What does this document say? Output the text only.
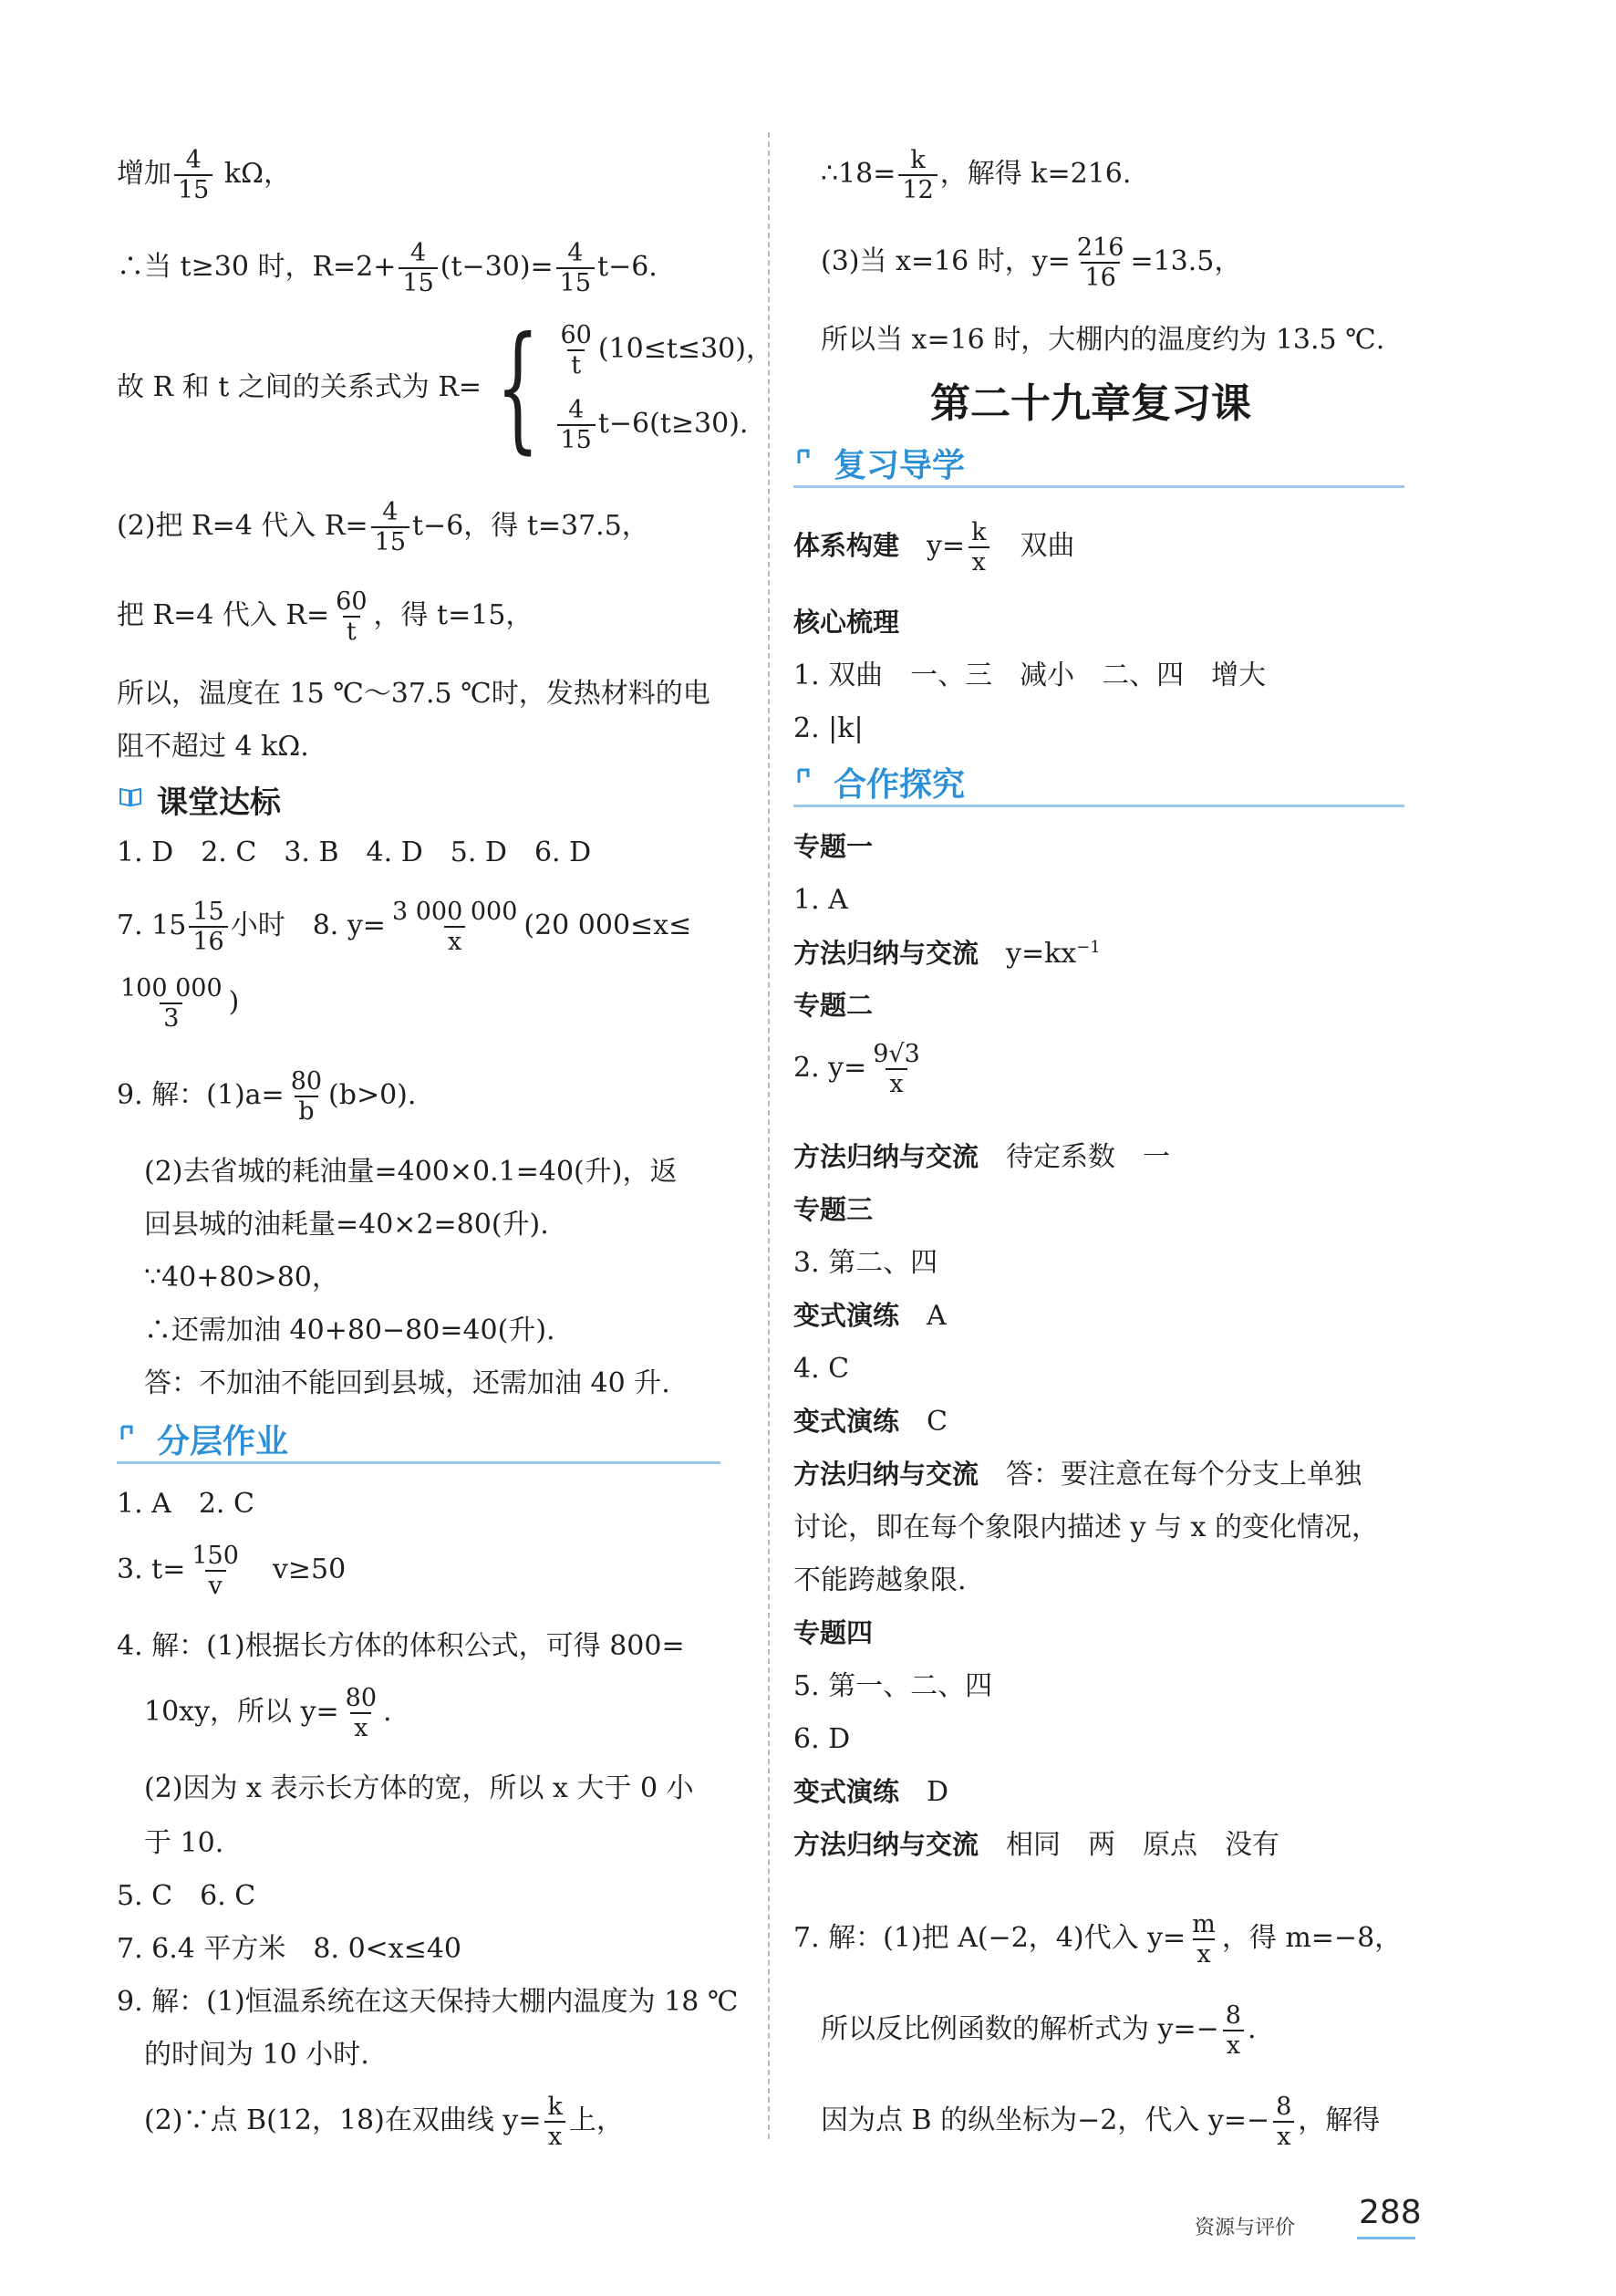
增加 $\frac{4}{15}$ kΩ，
∴当 t≥30 时，$R=2+ \frac{4}{15} (t-30)= \frac{4}{15} t-6$.
故 R 和 t 之间的关系式为 R= { $\frac{60}{t} (10\le t\le 30)$，
$\frac{4}{15} t-6(t\ge 30)$.
(2)把 R=4 代入 $R= \frac{4}{15} t-6$，得 t=37.5，
把 R=4 代入 $R= \frac{60}{t}$ ，得 t=15，
所以，温度在 15 ℃～37.5 ℃时，发热材料的电
阻不超过 4 kΩ.
课堂达标
1. D　2. C　3. B　4. D　5. D　6. D
7. $15 \frac{15}{16}$ 小时　8. $y= \frac{3 000 000}{x} (20$ 000≤x≤
$\frac{100 000}{3}$ )
9. 解：$(1)a= \frac{80}{b} (b>0)$.
(2)去省城的耗油量=400×0.1=40(升)，返
回县城的油耗量=40×2=80(升).
∵40+80>80，
∴还需加油 40+80−80=40(升).
答：不加油不能回到县城，还需加油 40 升.
分层作业
1. A　2. C
3. $t= \frac{150}{v}$ 　v≥50
4. 解：(1)根据长方体的体积公式，可得 800=
10xy，所以 $y= \frac{80}{x}$ .
(2)因为 x 表示长方体的宽，所以 x 大于 0 小
于 10.
5. C　6. C
7. 6.4 平方米　8. 0<x≤40
9. 解：(1)恒温系统在这天保持大棚内温度为 18 ℃
的时间为 10 小时.
(2)∵点 B(12，18)在双曲线 $y= \frac{k}{x}$ 上，
∴18= $\frac{k}{12}$ ，解得 k=216.
(3)当 x=16 时，$y= \frac{216}{16} =13.5$，
所以当 x=16 时，大棚内的温度约为 13.5 ℃.
第二十九章复习课
复习导学
体系构建　 $y= \frac{k}{x}$ 　双曲
核心梳理
1. 双曲　一、三　减小　二、四　增大
2. |k|
合作探究
专题一
1. A
方法归纳与交流　 $y=kx^{-1}$
专题二
2. $y= \frac{9√3}{x}$
方法归纳与交流　 待定系数　一
专题三
3. 第二、四
变式演练　 A
4. C
变式演练　 C
方法归纳与交流　 答：要注意在每个分支上单独
讨论，即在每个象限内描述 y 与 x 的变化情况，
不能跨越象限.
专题四
5. 第一、二、四
6. D
变式演练　 D
方法归纳与交流　 相同　两　原点　没有
7. 解：(1)把 A(−2，4)代入 $y= \frac{m}{x}$ ，得 m=−8，
所以反比例函数的解析式为 $y=- \frac{8}{x}$ .
因为点 B 的纵坐标为−2，代入 $y=- \frac{8}{x}$ ，解得
资源与评价 288
